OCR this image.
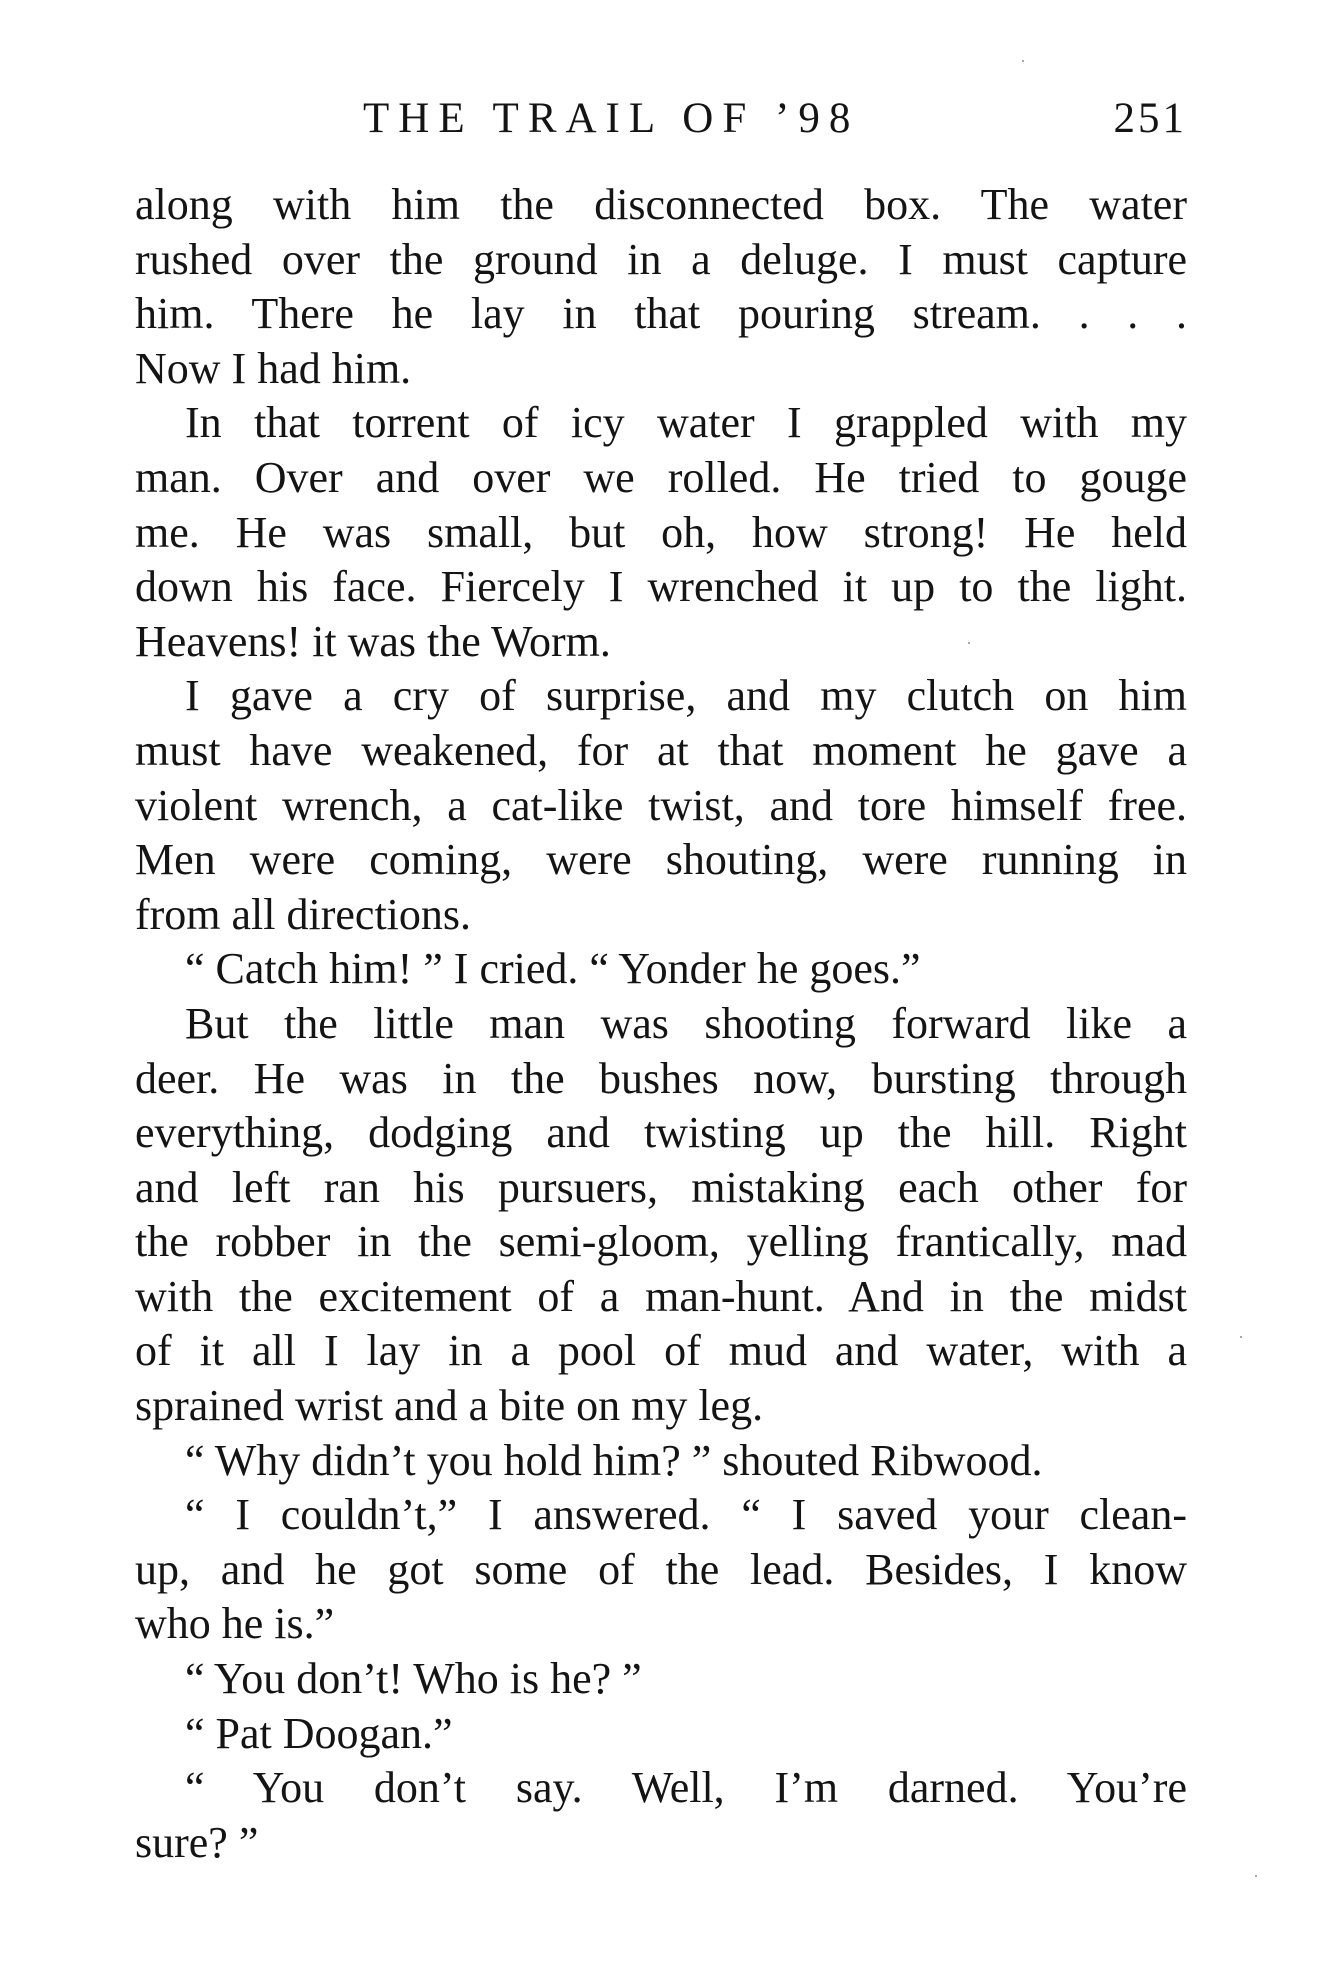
THE TRAIL OF ’98	251
along with him the disconnected box. The water
rushed over the ground in a deluge. I must capture
him. There he lay in that pouring stream. . . .
Now I had him.
In that torrent of icy water I grappled with my
man. Over and over we rolled. He tried to gouge
me. He was small, but oh, how strong! He held
down his face. Fiercely I wrenched it up to the light.
Heavens! it was the Worm.
I gave a cry of surprise, and my clutch on him
must have weakened, for at that moment he gave a
violent wrench, a cat-like twist, and tore himself free.
Men were coming, were shouting, were running in
from all directions.
“ Catch him! ” I cried. “ Yonder he goes.”
But the little man was shooting forward like a
deer. He was in the bushes now, bursting through
everything, dodging and twisting up the hill. Right
and left ran his pursuers, mistaking each other for
the robber in the semi-gloom, yelling frantically, mad
with the excitement of a man-hunt. And in the midst
of it all I lay in a pool of mud and water, with a
sprained wrist and a bite on my leg.
“ Why didn’t you hold him? ” shouted Ribwood.
“ I couldn’t,” I answered. “ I saved your clean-
up, and he got some of the lead. Besides, I know
who he is.”
“ You don’t! Who is he? ”
“ Pat Doogan.”
“ You don’t say. Well, I’m darned. You’re
sure? ”
